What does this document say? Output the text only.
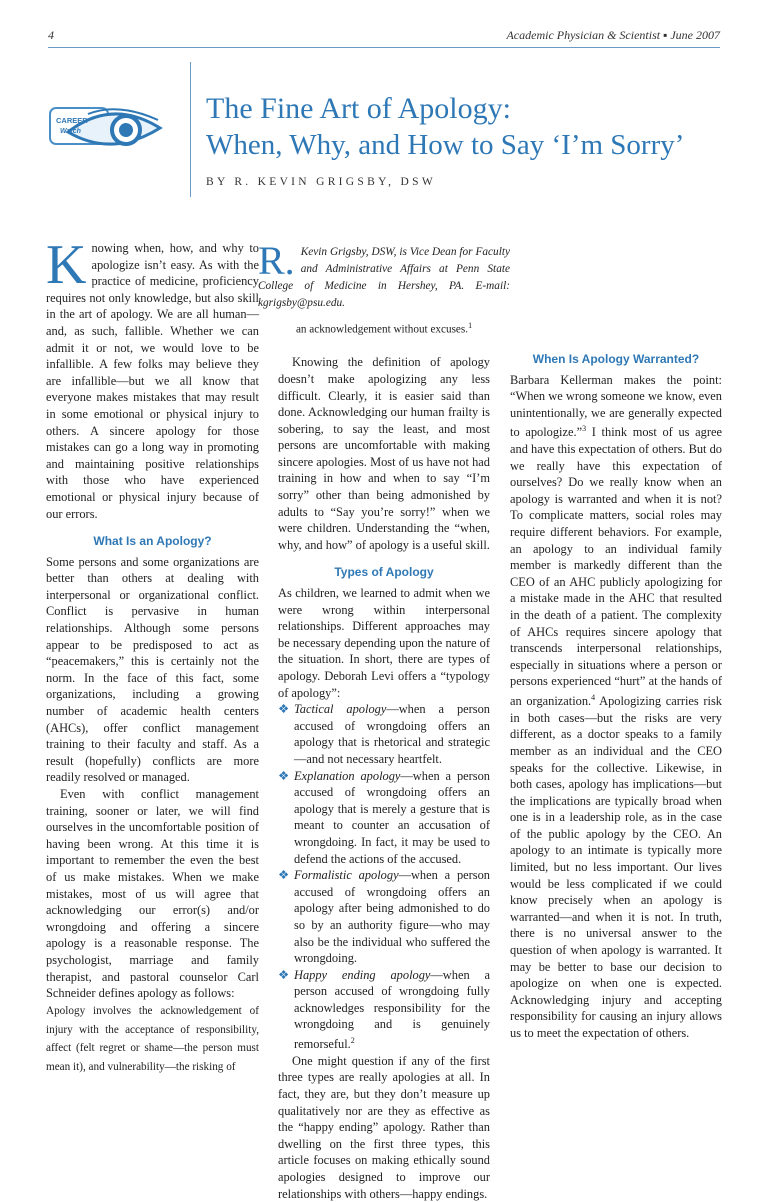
4	Academic Physician & Scientist ▪ June 2007
CAREER
Watch
The Fine Art of Apology:
When, Why, and How to Say ‘I’m Sorry’
BY R. KEVIN GRIGSBY, DSW

Knowing when, how, and why to apologize isn’t easy. As with the practice of medicine, proficiency requires not only knowledge, but also skill in the art of apology. We are all human—and, as such, fallible. Whether we can admit it or not, we would love to be infallible. A few folks may believe they are infallible—but we all know that everyone makes mistakes that may result in some emotional or physical injury to others. A sincere apology for those mistakes can go a long way in promoting and maintaining positive relationships with those who have experienced emotional or physical injury because of our errors.

What Is an Apology?

Some persons and some organizations are better than others at dealing with interpersonal or organizational conflict. Conflict is pervasive in human relationships. Although some persons appear to be predisposed to act as “peacemakers,” this is certainly not the norm. In the face of this fact, some organizations, including a growing number of academic health centers (AHCs), offer conflict management training to their faculty and staff. As a result (hopefully) conflicts are more readily resolved or managed.

Even with conflict management training, sooner or later, we will find ourselves in the uncomfortable position of having been wrong. At this time it is important to remember the even the best of us make mistakes. When we make mistakes, most of us will agree that acknowledging our error(s) and/or wrongdoing and offering a sincere apology is a reasonable response. The psychologist, marriage and family therapist, and pastoral counselor Carl Schneider defines apology as follows:

Apology involves the acknowledgement of injury with the acceptance of responsibility, affect (felt regret or shame—the person must mean it), and vulnerability—the risking of

R. Kevin Grigsby, DSW, is Vice Dean for Faculty and Administrative Affairs at Penn State College of Medicine in Hershey, PA. E-mail: kgrigsby@psu.edu.

an acknowledgement without excuses.$^1$

Knowing the definition of apology doesn’t make apologizing any less difficult. Clearly, it is easier said than done. Acknowledging our human frailty is sobering, to say the least, and most persons are uncomfortable with making sincere apologies. Most of us have not had training in how and when to say “I’m sorry” other than being admonished by adults to “Say you’re sorry!” when we were children. Understanding the “when, why, and how” of apology is a useful skill.

Types of Apology

As children, we learned to admit when we were wrong within interpersonal relationships. Different approaches may be necessary depending upon the nature of the situation. In short, there are types of apology. Deborah Levi offers a “typology of apology”:

❖ Tactical apology—when a person accused of wrongdoing offers an apology that is rhetorical and strategic—and not necessary heartfelt.

❖ Explanation apology—when a person accused of wrongdoing offers an apology that is merely a gesture that is meant to counter an accusation of wrongdoing. In fact, it may be used to defend the actions of the accused.

❖ Formalistic apology—when a person accused of wrongdoing offers an apology after being admonished to do so by an authority figure—who may also be the individual who suffered the wrongdoing.

❖ Happy ending apology—when a person accused of wrongdoing fully acknowledges responsibility for the wrongdoing and is genuinely remorseful.$^2$

One might question if any of the first three types are really apologies at all. In fact, they are, but they don’t measure up qualitatively nor are they as effective as the “happy ending” apology. Rather than dwelling on the first three types, this article focuses on making ethically sound apologies designed to improve our relationships with others—happy endings.

When Is Apology Warranted?

Barbara Kellerman makes the point: “When we wrong someone we know, even unintentionally, we are generally expected to apologize.”$^3$ I think most of us agree and have this expectation of others. But do we really have this expectation of ourselves? Do we really know when an apology is warranted and when it is not? To complicate matters, social roles may require different behaviors. For example, an apology to an individual family member is markedly different than the CEO of an AHC publicly apologizing for a mistake made in the AHC that resulted in the death of a patient. The complexity of AHCs requires sincere apology that transcends interpersonal relationships, especially in situations where a person or persons experienced “hurt” at the hands of an organization.$^4$ Apologizing carries risk in both cases—but the risks are very different, as a doctor speaks to a family member as an individual and the CEO speaks for the collective. Likewise, in both cases, apology has implications—but the implications are typically broad when one is in a leadership role, as in the case of the public apology by the CEO. An apology to an intimate is typically more limited, but no less important. Our lives would be less complicated if we could know precisely when an apology is warranted—and when it is not. In truth, there is no universal answer to the question of when apology is warranted. It may be better to base our decision to apologize on when one is expected. Acknowledging injury and accepting responsibility for causing an injury allows us to meet the expectation of others.
